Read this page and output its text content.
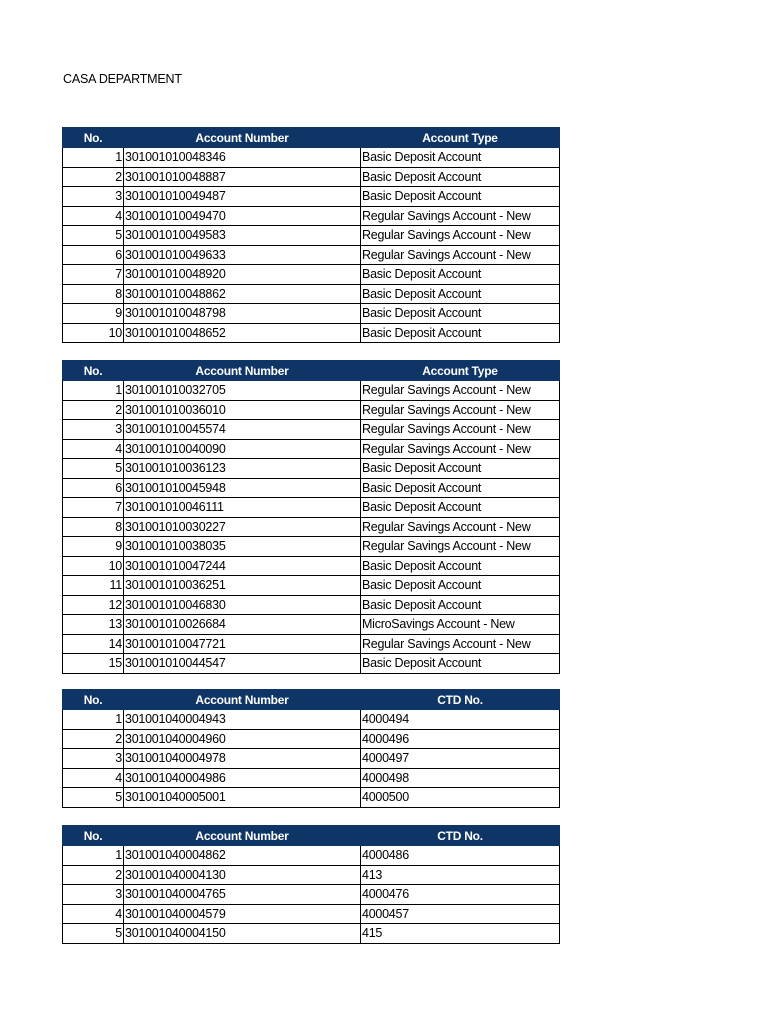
CASA DEPARTMENT
No.	Account Number	Account Type
1	301001010048346	Basic Deposit Account
2	301001010048887	Basic Deposit Account
3	301001010049487	Basic Deposit Account
4	301001010049470	Regular Savings Account - New
5	301001010049583	Regular Savings Account - New
6	301001010049633	Regular Savings Account - New
7	301001010048920	Basic Deposit Account
8	301001010048862	Basic Deposit Account
9	301001010048798	Basic Deposit Account
10	301001010048652	Basic Deposit Account
No.	Account Number	Account Type
1	301001010032705	Regular Savings Account - New
2	301001010036010	Regular Savings Account - New
3	301001010045574	Regular Savings Account - New
4	301001010040090	Regular Savings Account - New
5	301001010036123	Basic Deposit Account
6	301001010045948	Basic Deposit Account
7	301001010046111	Basic Deposit Account
8	301001010030227	Regular Savings Account - New
9	301001010038035	Regular Savings Account - New
10	301001010047244	Basic Deposit Account
11	301001010036251	Basic Deposit Account
12	301001010046830	Basic Deposit Account
13	301001010026684	MicroSavings Account - New
14	301001010047721	Regular Savings Account - New
15	301001010044547	Basic Deposit Account
No.	Account Number	CTD No.
1	301001040004943	4000494
2	301001040004960	4000496
3	301001040004978	4000497
4	301001040004986	4000498
5	301001040005001	4000500
No.	Account Number	CTD No.
1	301001040004862	4000486
2	301001040004130	413
3	301001040004765	4000476
4	301001040004579	4000457
5	301001040004150	415
